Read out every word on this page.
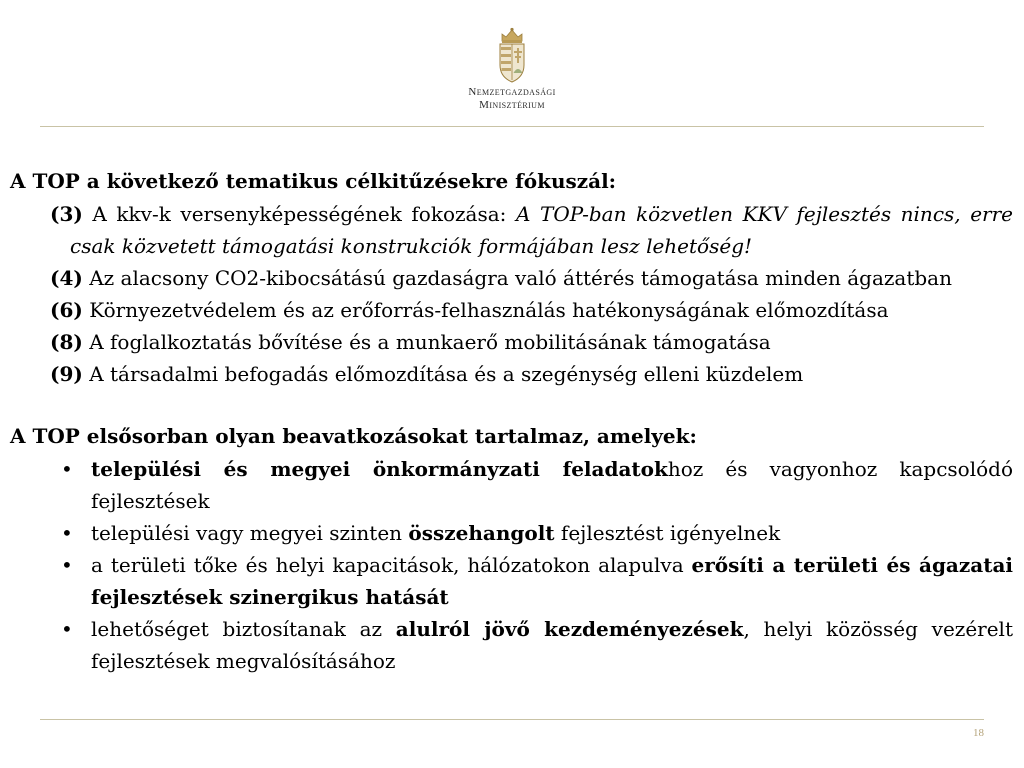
Nemzetgazdasági
Minisztérium

A TOP a következő tematikus célkitűzésekre fókuszál:

(3) A kkv-k versenyképességének fokozása: A TOP-ban közvetlen KKV fejlesztés nincs, erre csak közvetett támogatási konstrukciók formájában lesz lehetőség!
(4) Az alacsony CO2-kibocsátású gazdaságra való áttérés támogatása minden ágazatban
(6) Környezetvédelem és az erőforrás-felhasználás hatékonyságának előmozdítása
(8) A foglalkoztatás bővítése és a munkaerő mobilitásának támogatása
(9) A társadalmi befogadás előmozdítása és a szegénység elleni küzdelem

A TOP elsősorban olyan beavatkozásokat tartalmaz, amelyek:

• települési és megyei önkormányzati feladatokhoz és vagyonhoz kapcsolódó fejlesztések
• települési vagy megyei szinten összehangolt fejlesztést igényelnek
• a területi tőke és helyi kapacitások, hálózatokon alapulva erősíti a területi és ágazatai fejlesztések szinergikus hatását
• lehetőséget biztosítanak az alulról jövő kezdeményezések, helyi közösség vezérelt fejlesztések megvalósításához
18
